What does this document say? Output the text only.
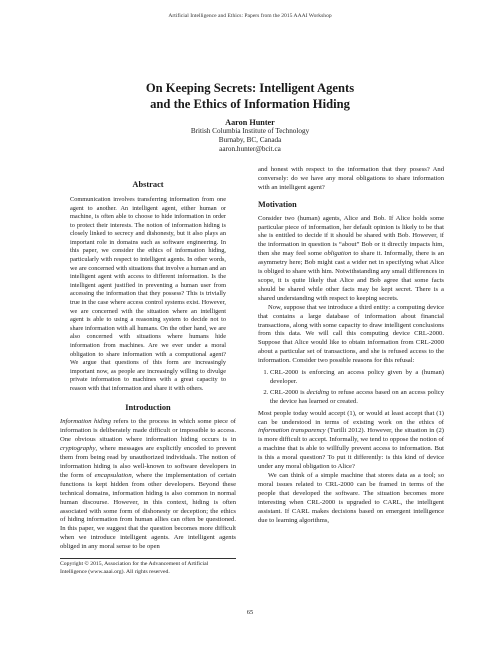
Artificial Intelligence and Ethics: Papers from the 2015 AAAI Workshop
On Keeping Secrets: Intelligent Agents
and the Ethics of Information Hiding
Aaron Hunter
British Columbia Institute of Technology
Burnaby, BC, Canada
aaron.hunter@bcit.ca
Abstract

Communication involves transferring information from one agent to another. An intelligent agent, either human or machine, is often able to choose to hide information in order to protect their interests. The notion of information hiding is closely linked to secrecy and dishonesty, but it also plays an important role in domains such as software engineering. In this paper, we consider the ethics of information hiding, particularly with respect to intelligent agents. In other words, we are concerned with situations that involve a human and an intelligent agent with access to different information. Is the intelligent agent justified in preventing a human user from accessing the information that they possess? This is trivially true in the case where access control systems exist. However, we are concerned with the situation where an intelligent agent is able to using a reasoning system to decide not to share information with all humans. On the other hand, we are also concerned with situations where humans hide information from machines. Are we ever under a moral obligation to share information with a computional agent? We argue that questions of this form are increasingly important now, as people are increasingly willing to divulge private information to machines with a great capacity to reason with that information and share it with others.

Introduction

Information hiding refers to the process in which some piece of information is deliberately made difficult or impossible to access. One obvious situation where information hiding occurs is in cryptography, where messages are explicitly encoded to prevent them from being read by unauthorized individuals. The notion of information hiding is also well-known to software developers in the form of encapsulation, where the implementation of certain functions is kept hidden from other developers. Beyond these technical domains, information hiding is also common in normal human discourse. However, in this context, hiding is often associated with some form of dishonesty or deception; the ethics of hiding information from human allies can often be questioned. In this paper, we suggest that the question becomes more difficult when we introduce intelligent agents. Are intelligent agents obliged in any moral sense to be open

Copyright © 2015, Association for the Advancement of Artificial Intelligence (www.aaai.org). All rights reserved.

and honest with respect to the information that they posess? And conversely: do we have any moral obligations to share information with an intelligent agent?

Motivation

Consider two (human) agents, Alice and Bob. If Alice holds some particular piece of information, her default opinion is likely to be that she is entitled to decide if it should be shared with Bob. However, if the information in question is “about” Bob or it directly impacts him, then she may feel some obligation to share it. Informally, there is an asymmetry here; Bob might cast a wider net in specifying what Alice is obliged to share with him. Notwithstanding any small differences in scope, it is quite likely that Alice and Bob agree that some facts should be shared while other facts may be kept secret. There is a shared understanding with respect to keeping secrets.

Now, suppose that we introduce a third entity: a computing device that contains a large database of information about financial transactions, along with some capacity to draw intelligent conclusions from this data. We will call this computing device CRL-2000. Suppose that Alice would like to obtain information from CRL-2000 about a particular set of transactions, and she is refused access to the information. Consider two possible reasons for this refusal:

1. CRL-2000 is enforcing an access policy given by a (human) developer.
2. CRL-2000 is deciding to refuse access based on an access policy the device has learned or created.

Most people today would accept (1), or would at least accept that (1) can be understood in terms of existing work on the ethics of information transparency (Turilli 2012). However, the situation in (2) is more difficult to accept. Informally, we tend to oppose the notion of a machine that is able to willfully prevent access to information. But is this a moral question? To put it differently: is this kind of device under any moral obligation to Alice?

We can think of a simple machine that stores data as a tool; so moral issues related to CRL-2000 can be framed in terms of the people that developed the software. The situation becomes more interesting when CRL-2000 is upgraded to CARL, the intelligent assistant. If CARL makes decisions based on emergent intelligence due to learning algorithms,

65
